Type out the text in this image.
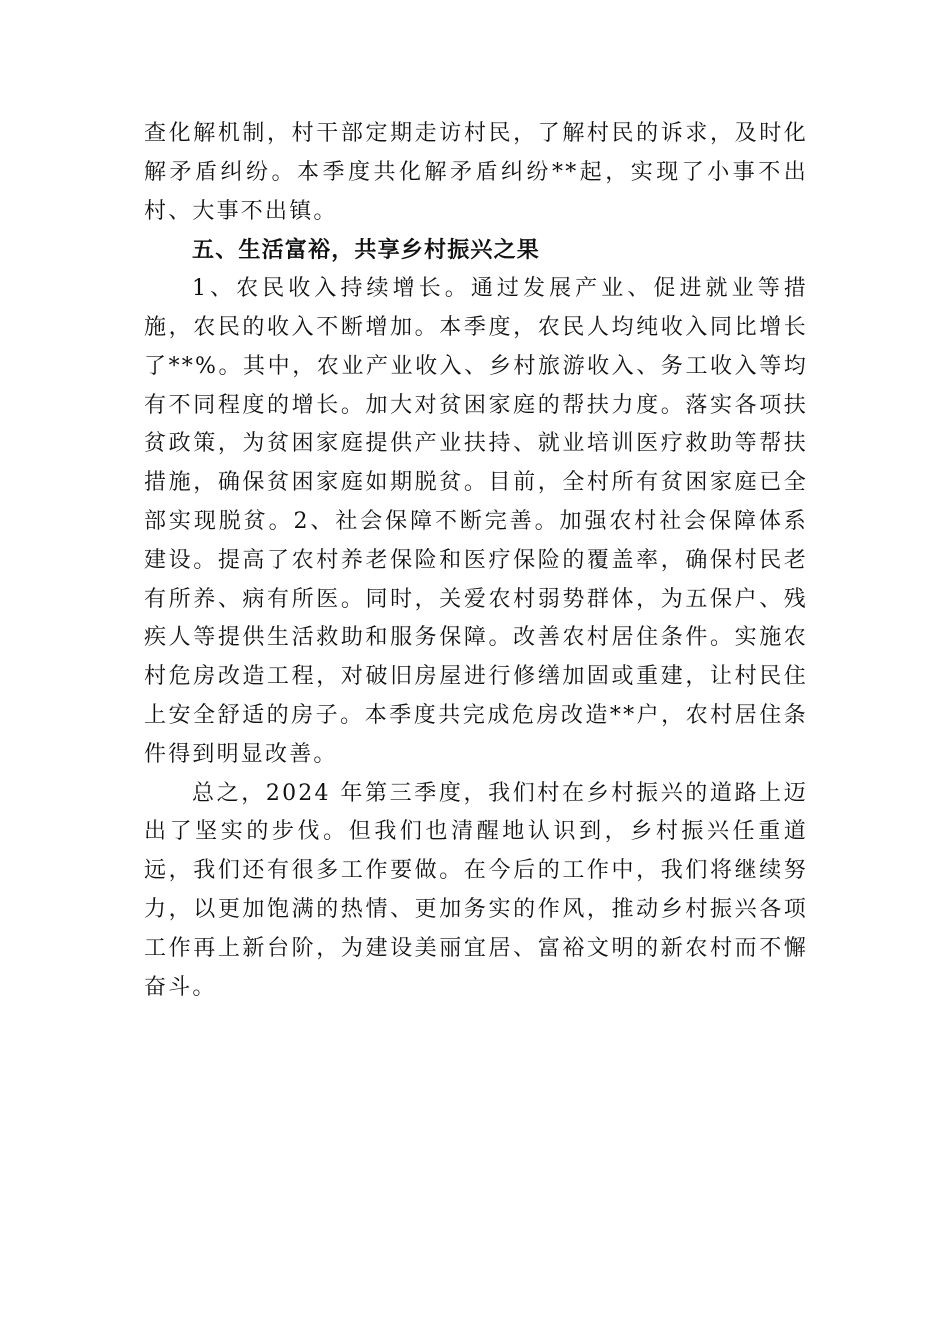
查化解机制，村干部定期走访村民，了解村民的诉求，及时化解矛盾纠纷。本季度共化解矛盾纠纷**起，实现了小事不出村、大事不出镇。

五、生活富裕，共享乡村振兴之果

1、农民收入持续增长。通过发展产业、促进就业等措施，农民的收入不断增加。本季度，农民人均纯收入同比增长了**%。其中，农业产业收入、乡村旅游收入、务工收入等均有不同程度的增长。加大对贫困家庭的帮扶力度。落实各项扶贫政策，为贫困家庭提供产业扶持、就业培训医疗救助等帮扶措施，确保贫困家庭如期脱贫。目前，全村所有贫困家庭已全部实现脱贫。2、社会保障不断完善。加强农村社会保障体系建设。提高了农村养老保险和医疗保险的覆盖率，确保村民老有所养、病有所医。同时，关爱农村弱势群体，为五保户、残疾人等提供生活救助和服务保障。改善农村居住条件。实施农村危房改造工程，对破旧房屋进行修缮加固或重建，让村民住上安全舒适的房子。本季度共完成危房改造**户，农村居住条件得到明显改善。

总之，2024 年第三季度，我们村在乡村振兴的道路上迈出了坚实的步伐。但我们也清醒地认识到，乡村振兴任重道远，我们还有很多工作要做。在今后的工作中，我们将继续努力，以更加饱满的热情、更加务实的作风，推动乡村振兴各项工作再上新台阶，为建设美丽宜居、富裕文明的新农村而不懈奋斗。
